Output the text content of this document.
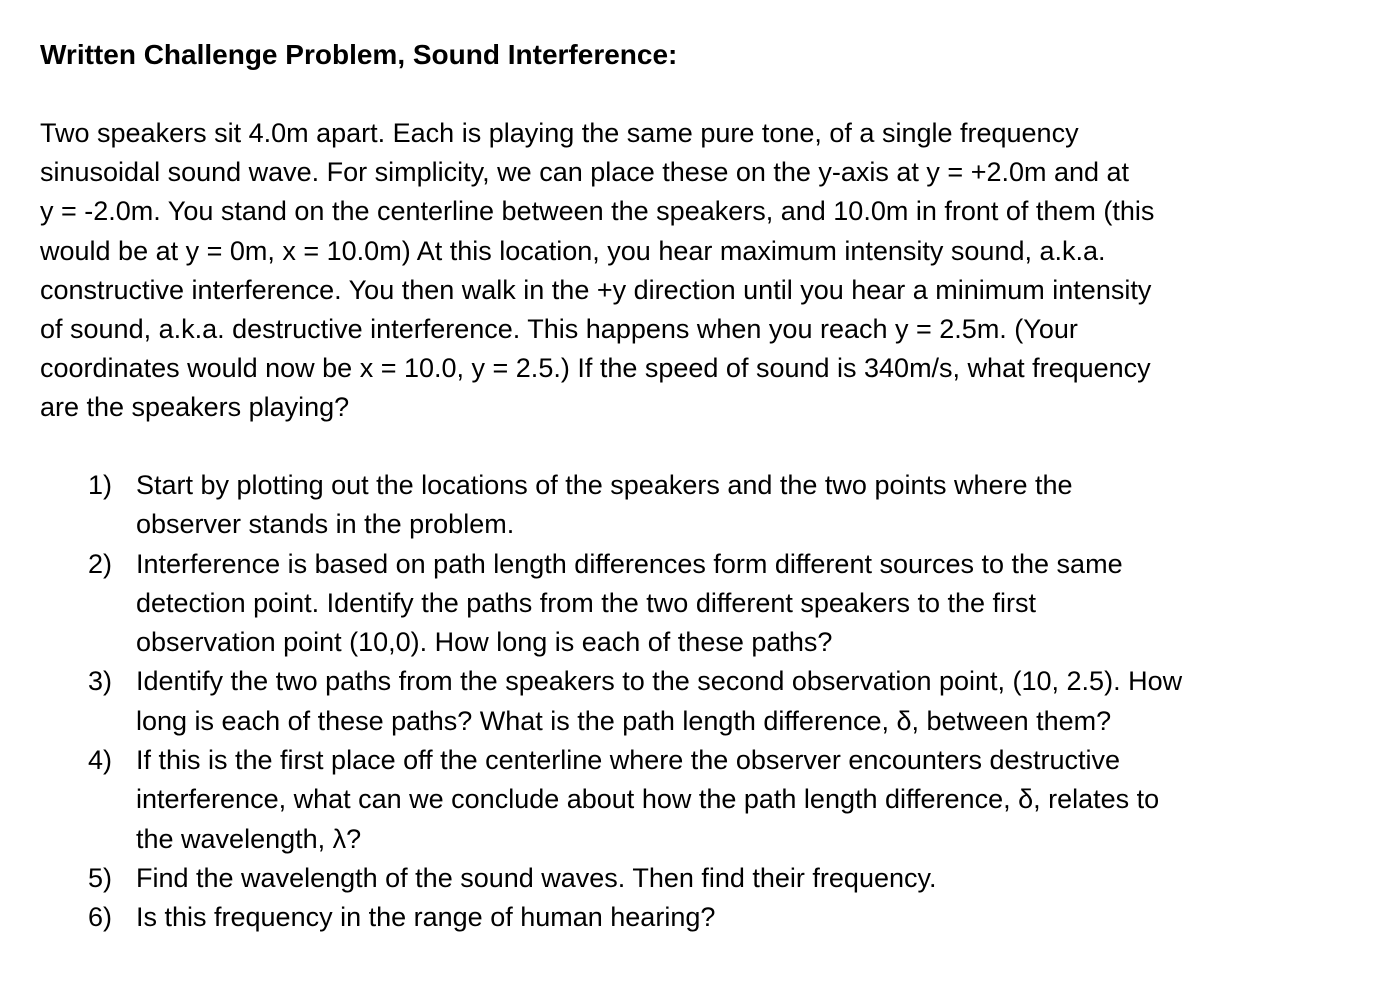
Written Challenge Problem, Sound Interference:
Two speakers sit 4.0m apart. Each is playing the same pure tone, of a single frequency
sinusoidal sound wave. For simplicity, we can place these on the y-axis at y = +2.0m and at
y = -2.0m. You stand on the centerline between the speakers, and 10.0m in front of them (this
would be at y = 0m, x = 10.0m) At this location, you hear maximum intensity sound, a.k.a.
constructive interference. You then walk in the +y direction until you hear a minimum intensity
of sound, a.k.a. destructive interference. This happens when you reach y = 2.5m. (Your
coordinates would now be x = 10.0, y = 2.5.) If the speed of sound is 340m/s, what frequency
are the speakers playing?
1) Start by plotting out the locations of the speakers and the two points where the
observer stands in the problem.
2) Interference is based on path length differences form different sources to the same
detection point. Identify the paths from the two different speakers to the first
observation point (10,0). How long is each of these paths?
3) Identify the two paths from the speakers to the second observation point, (10, 2.5). How
long is each of these paths? What is the path length difference, δ, between them?
4) If this is the first place off the centerline where the observer encounters destructive
interference, what can we conclude about how the path length difference, δ, relates to
the wavelength, λ?
5) Find the wavelength of the sound waves. Then find their frequency.
6) Is this frequency in the range of human hearing?
